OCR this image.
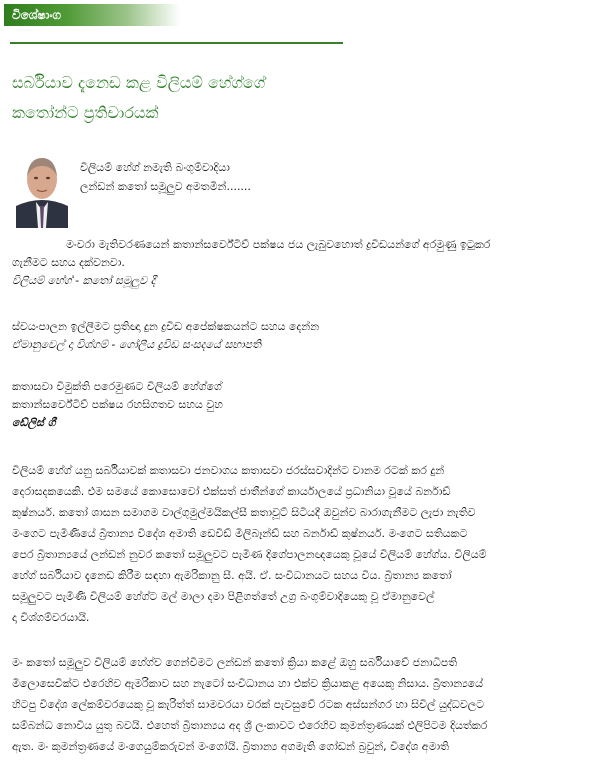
විශේෂාංග
සර්බියාව දැනෙඩ කළ විලියම් හේග්ගේ
කතෝන්ට ප්‍රතිචාරයක්
විලියම් හේග් නමැති බංගුම්වාදියා
ලන්ඩන් කතෝ සමූලුව අමතමින්.......
මංවරා මැතිවරණයෙන් කතාන්සර්වේටිව් පක්ෂය ජය ලැබුවහොත් ද්‍රවිඩයන්ගේ අරමුණු ඉටුකර
ගැනීමට සහය දක්වනවා.
විලියම් හේග් - කතෝ සමූලුව දී
ස්වයංපාලන ඉල්ලීමට ප්‍රතිඥා දුන ද්‍රවිඩ අපේක්ෂකයන්ට සහය දෙන්න
ඒමානුවෙල් දා විශ්‍ගම් - ගෝලීය ද්‍රවිඩ සංසදයේ සභාපති
කතාසවා විමුක්ති පරෙමුණට විලියම් හේග්ගේ
කතාන්සර්වේටිව් පක්ෂය රහසිගතව සහය වුහ
ඩේලිස් ගී
විලියම් හේග් යනු සර්බියාවක් කතාසවා ජනවාගය කතාසවා ජරස්සවාදින්ට වානම රටක් කර දුන්
දෙරාසදකයෙකි. එම සමයේ කොසොවෝ එක්සත් ජාතීන්ගේ කාර්යාලයේ ප්‍රධානියා වූයේ බර්නාඩ්
කුෂ්නර්ය. කතෝ ශාසන සමාගම වාල්ගුමුල්මයිකල්සී කතාවූට් සිටියදී ඔවුන්ව බාරාගැනීමට ලැජා නැතිව
මංගෙට පැමිණියේ බ්‍රිතාන්‍ය විදේශ අමාති ඩෙවිඩ් මිලිබෑන්ඩ් සහ බර්නාඩ් කුෂ්නර්ය. මංගෙට සතියකට
පෙර බ්‍රිතාන්‍යයේ ලන්ඩන් නුවර කතෝ සමූලුවට පැමිණ දිගේපාලනඥයෙකු වූයේ විලියම් හේග්ය. විලියම්
හේග් සර්බියාව දැනෙඩ කිරීම සඳහා ඇමරිකානු සී. අයි. ඒ. සංවිධානයට සහය විය. බ්‍රිතාන්‍ය කතෝ
සමූලුවට පැමිණි විලියම් හේග්ට මල් මාලා දමා පිළිගත්තේ උග්‍ර බංගුම්වාදියෙකු වූ ඒමානුවෙල්
දා විශ්‍ගම්වරයායි.
මං කතෝ සමූලුව විලියම් හේග්ව ගෙන්වීමට ලන්ඩන් කතෝ ක්‍රියා කළේ ඔහු සර්බියාවේ ජනාධිපති
මිලොසෙවික්ට එරෙහිව ඇමරිකාව සහ නැටෝ සංවිධානය හා එක්ව ක්‍රියාකළ අයෙකු නිසාය. බ්‍රිතාන්‍යයේ
හිටපු විදේශ ලේකම්වරයෙකු වූ කැරිත්ත් සාමවරයා වරක් පැවසුවේ රටක අස්සන්ගර හා සිවිල් යුද්ධවලට
සම්බන්ධ නොවිය යුතු බවයි. එහෙත් බ්‍රිතාන්‍යය අද ශ්‍රී ලංකාවට එරෙහිව කුමන්ත්‍රණයක් එලිපිටම දියත්කර
ඇත. මං කුමන්ත්‍රණයේ මංගෙයුම්කරුවන් මංගෝයි. බ්‍රිතාන්‍ය අගමැති ගෝඩන් බ්‍රවුන්, විදේශ අමාති
